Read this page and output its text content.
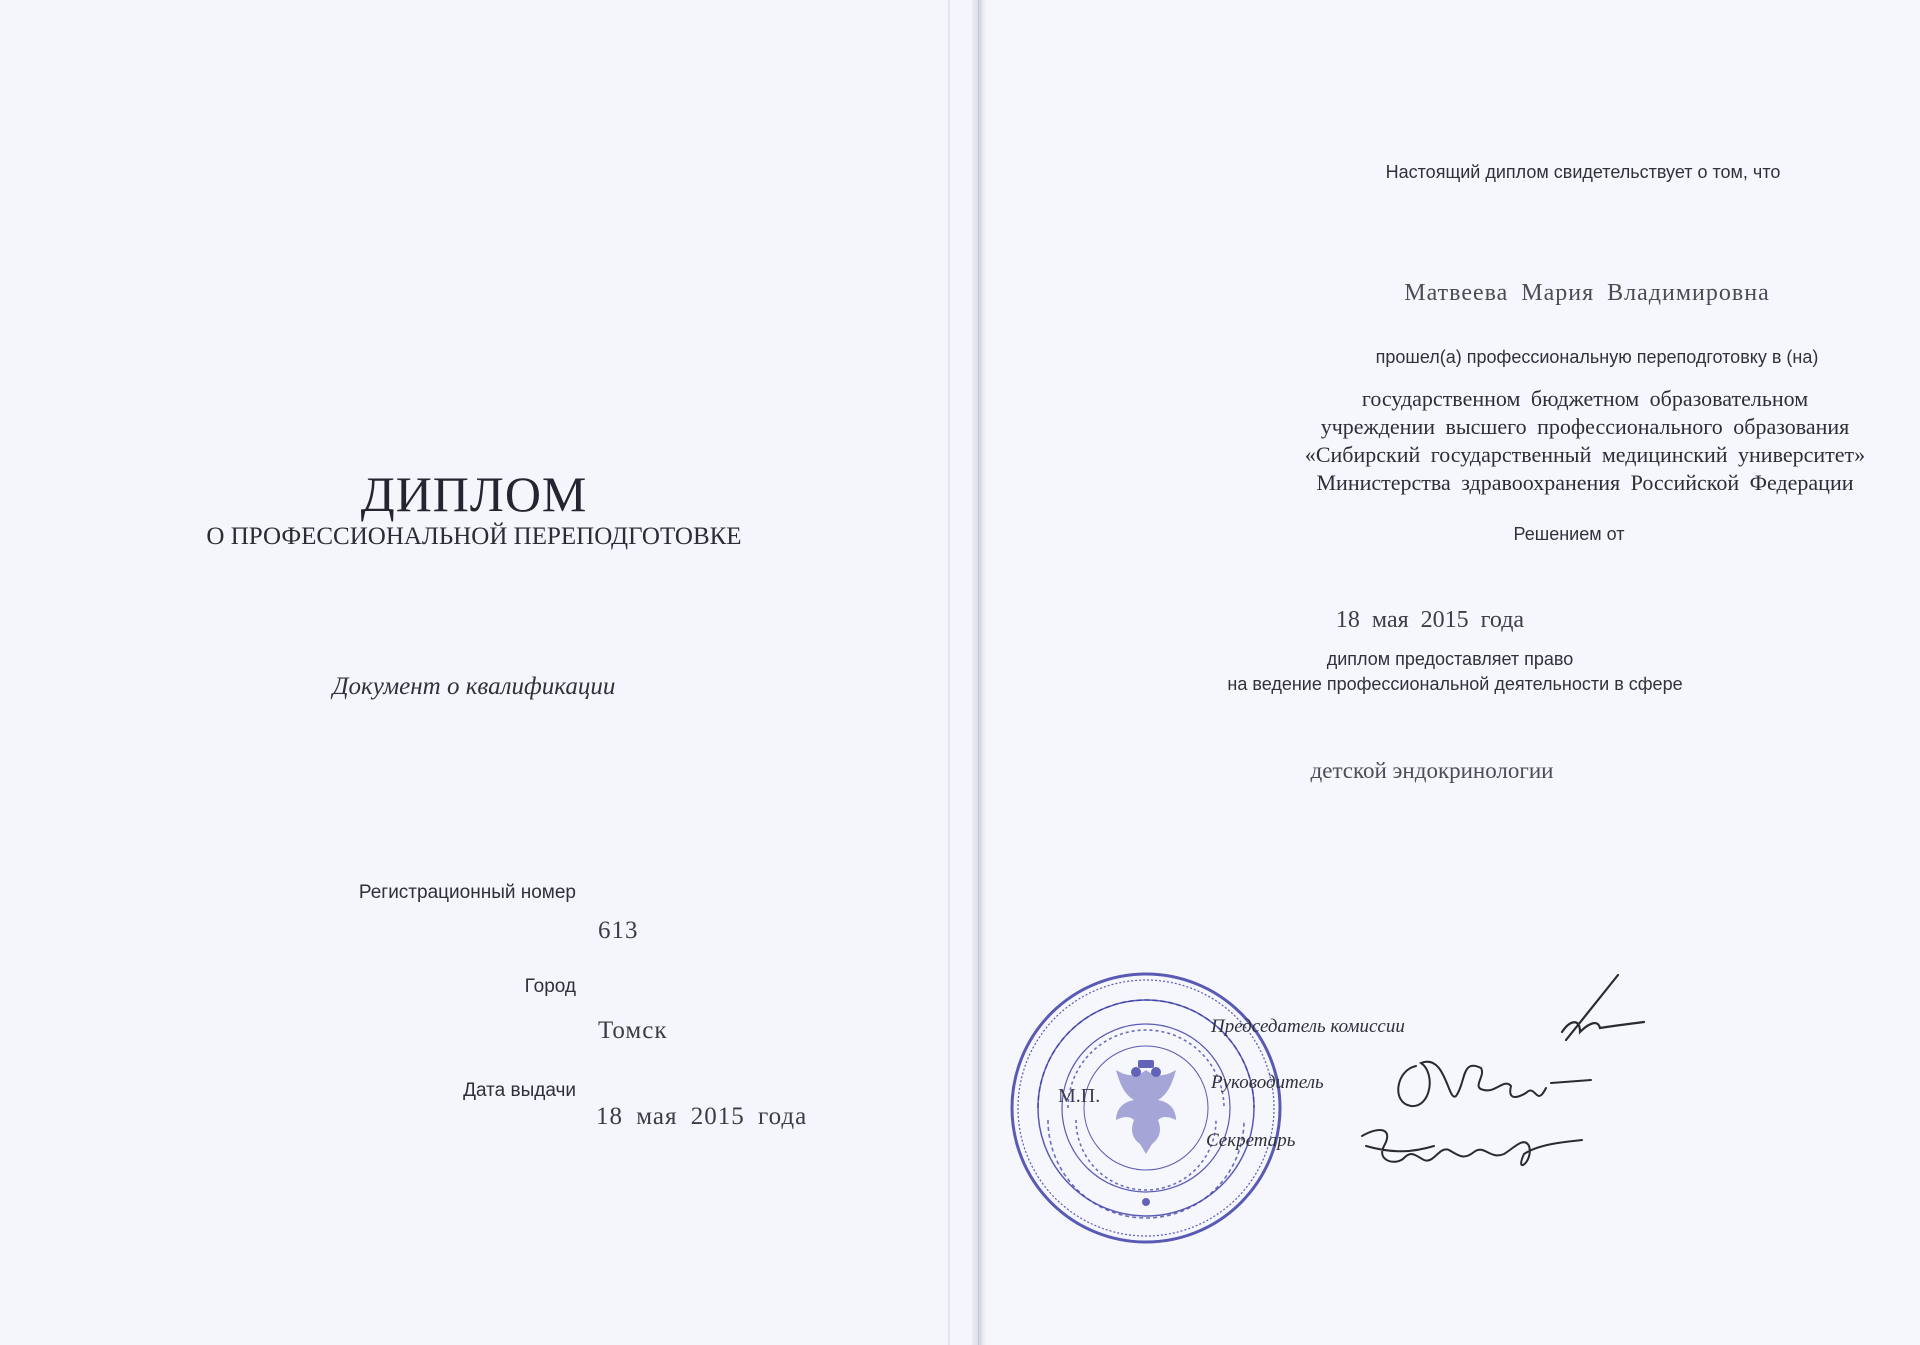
ДИПЛОМ
О ПРОФЕССИОНАЛЬНОЙ ПЕРЕПОДГОТОВКЕ
Документ о квалификации
Регистрационный номер
613
Город
Томск
Дата выдачи
18 мая 2015 года
Настоящий диплом свидетельствует о том, что
Матвеева Мария Владимировна
прошел(а) профессиональную переподготовку в (на)
государственном бюджетном образовательном
учреждении высшего профессионального образования
«Сибирский государственный медицинский университет»
Министерства здравоохранения Российской Федерации
Решением от
18 мая 2015 года
диплом предоставляет право
на ведение профессиональной деятельности в сфере
детской эндокринологии
М.П.
Председатель комиссии
Руководитель
Секретарь
